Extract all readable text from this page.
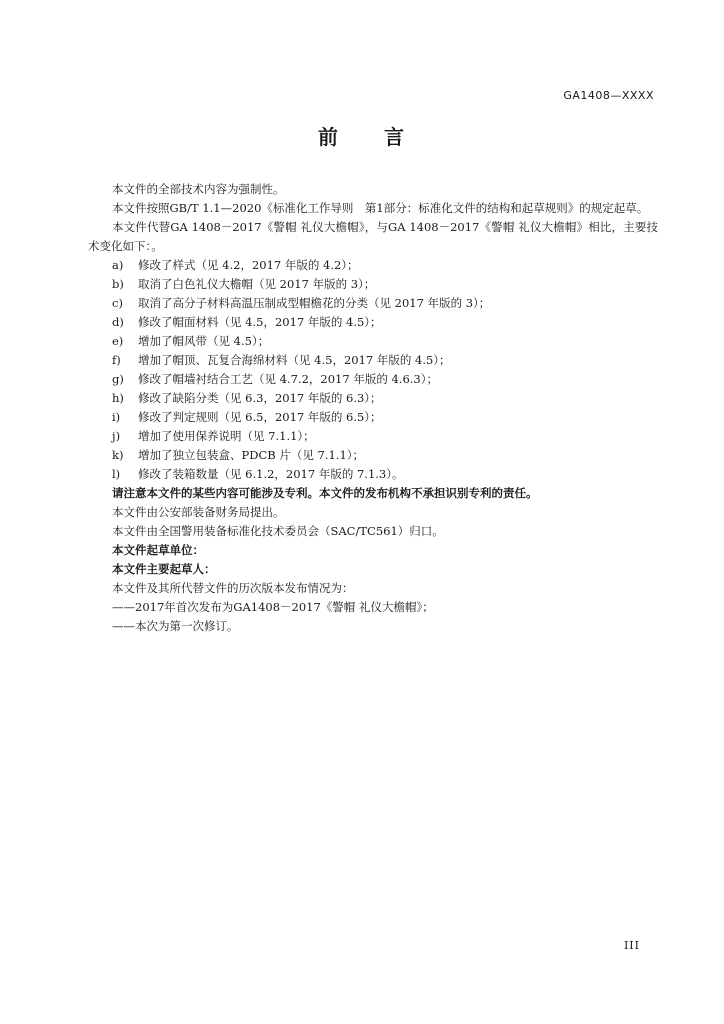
GA1408—XXXX
前 言

本文件的全部技术内容为强制性。

本文件按照GB/T 1.1—2020《标准化工作导则　第1部分：标准化文件的结构和起草规则》的规定起草。

本文件代替GA 1408－2017《警帽 礼仪大檐帽》，与GA 1408－2017《警帽 礼仪大檐帽》相比，主要技术变化如下：。

a)	修改了样式（见 4.2，2017 年版的 4.2）；

b)	取消了白色礼仪大檐帽（见 2017 年版的 3）；

c)	取消了高分子材料高温压制成型帽檐花的分类（见 2017 年版的 3）；

d)	修改了帽面材料（见 4.5，2017 年版的 4.5）；

e)	增加了帽风带（见 4.5）；

f)	增加了帽顶、瓦复合海绵材料（见 4.5，2017 年版的 4.5）；

g)	修改了帽墙衬结合工艺（见 4.7.2，2017 年版的 4.6.3）；

h)	修改了缺陷分类（见 6.3，2017 年版的 6.3）；

i)	修改了判定规则（见 6.5，2017 年版的 6.5）；

j)	增加了使用保养说明（见 7.1.1）；

k)	增加了独立包装盒、PDCB 片（见 7.1.1）；

l)	修改了装箱数量（见 6.1.2，2017 年版的 7.1.3）。

请注意本文件的某些内容可能涉及专利。本文件的发布机构不承担识别专利的责任。

本文件由公安部装备财务局提出。

本文件由全国警用装备标准化技术委员会（SAC/TC561）归口。

本文件起草单位：

本文件主要起草人：

本文件及其所代替文件的历次版本发布情况为：

——2017年首次发布为GA1408－2017《警帽 礼仪大檐帽》；

——本次为第一次修订。

III
